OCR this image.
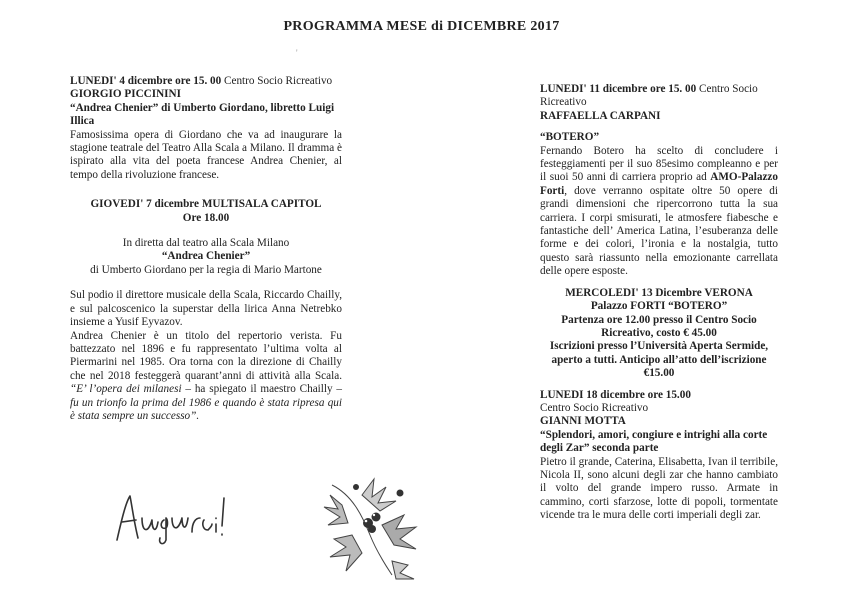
PROGRAMMA MESE di DICEMBRE 2017
LUNEDI' 4 dicembre ore 15. 00 Centro Socio Ricreativo
GIORGIO PICCININI
“Andrea Chenier” di Umberto Giordano, libretto Luigi Illica
Famosissima opera di Giordano che va ad inaugurare la stagione teatrale del Teatro Alla Scala a Milano. Il dramma è ispirato alla vita del poeta francese Andrea Chenier, al tempo della rivoluzione francese.
GIOVEDI' 7 dicembre MULTISALA CAPITOL
Ore 18.00
In diretta dal teatro alla Scala Milano
“Andrea Chenier”
di Umberto Giordano per la regia di Mario Martone
Sul podio il direttore musicale della Scala, Riccardo Chailly, e sul palcoscenico la superstar della lirica Anna Netrebko insieme a Yusif Eyvazov.
Andrea Chenier è un titolo del repertorio verista. Fu battezzato nel 1896 e fu rappresentato l’ultima volta al Piermarini nel 1985. Ora torna con la direzione di Chailly che nel 2018 festeggerà quarant’anni di attività alla Scala. “E’ l’opera dei milanesi – ha spiegato il maestro Chailly – fu un trionfo la prima del 1986 e quando è stata ripresa qui è stata sempre un successo”.
LUNEDI' 11 dicembre ore 15. 00 Centro Socio Ricreativo
RAFFAELLA CARPANI
“BOTERO”
Fernando Botero ha scelto di concludere i festeggiamenti per il suo 85esimo compleanno e per il suoi 50 anni di carriera proprio ad AMO-Palazzo Forti, dove verranno ospitate oltre 50 opere di grandi dimensioni che ripercorrono tutta la sua carriera. I corpi smisurati, le atmosfere fiabesche e fantastiche dell’ America Latina, l’esuberanza delle forme e dei colori, l’ironia e la nostalgia, tutto questo sarà riassunto nella emozionante carrellata delle opere esposte.
MERCOLEDI' 13 Dicembre VERONA
Palazzo FORTI “BOTERO”
Partenza ore 12.00 presso il Centro Socio Ricreativo, costo € 45.00
Iscrizioni presso l’Università Aperta Sermide, aperto a tutti. Anticipo all’atto dell’iscrizione €15.00
LUNEDI 18 dicembre ore 15.00
Centro Socio Ricreativo
GIANNI MOTTA
“Splendori, amori, congiure e intrighi alla corte degli Zar” seconda parte
Pietro il grande, Caterina, Elisabetta, Ivan il terribile, Nicola II, sono alcuni degli zar che hanno cambiato il volto del grande impero russo. Armate in cammino, corti sfarzose, lotte di popoli, tormentate vicende tra le mura delle corti imperiali degli zar.
'
